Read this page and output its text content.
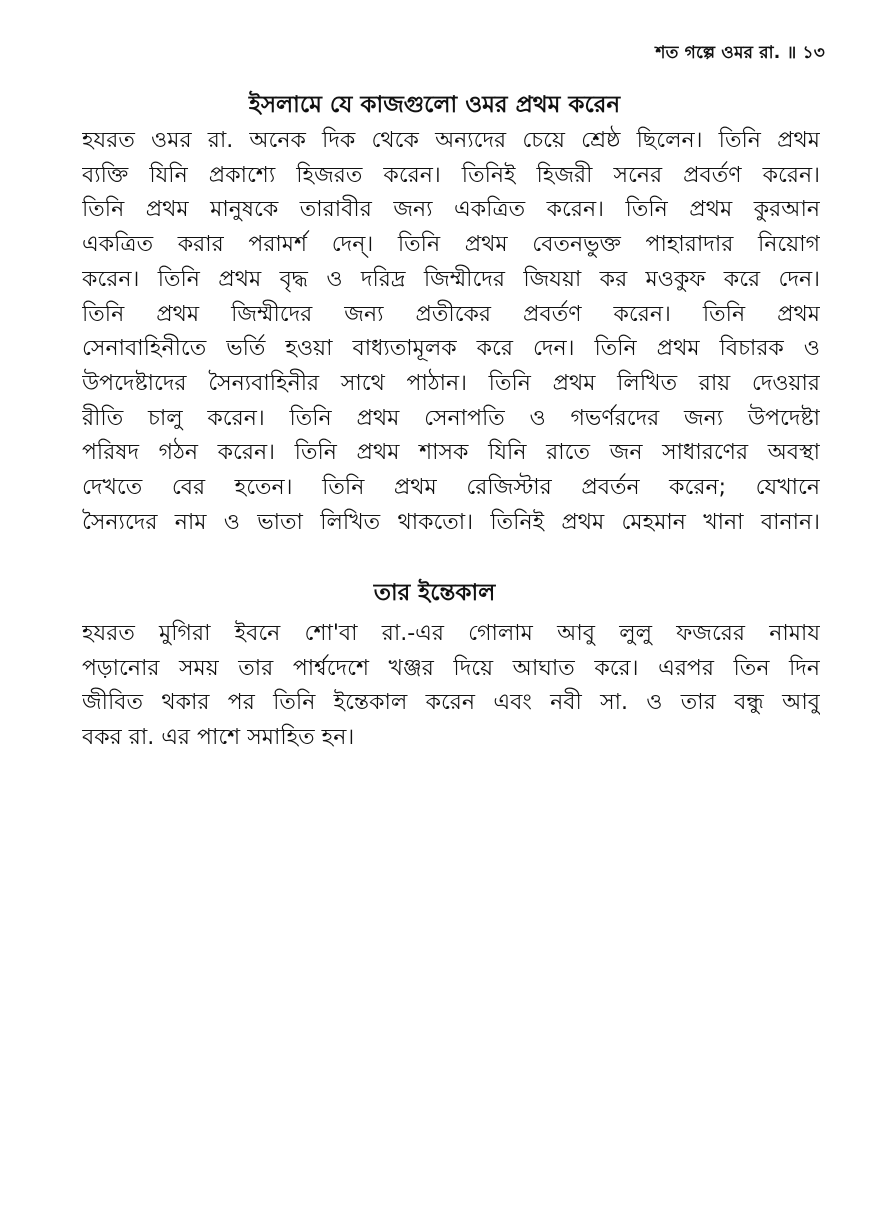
শত গল্পে ওমর রা. ॥ ১৩
ইসলামে যে কাজগুলো ওমর প্রথম করেন

হযরত ওমর রা. অনেক দিক থেকে অন্যদের চেয়ে শ্রেষ্ঠ ছিলেন। তিনি প্রথম
ব্যক্তি যিনি প্রকাশ্যে হিজরত করেন। তিনিই হিজরী সনের প্রবর্তণ করেন।
তিনি প্রথম মানুষকে তারাবীর জন্য একত্রিত করেন। তিনি প্রথম কুরআন
একত্রিত করার পরামর্শ দেন্। তিনি প্রথম বেতনভুক্ত পাহারাদার নিয়োগ
করেন। তিনি প্রথম বৃদ্ধ ও দরিদ্র জিম্মীদের জিযয়া কর মওকুফ করে দেন।
তিনি প্রথম জিম্মীদের জন্য প্রতীকের প্রবর্তণ করেন। তিনি প্রথম
সেনাবাহিনীতে ভর্তি হওয়া বাধ্যতামূলক করে দেন। তিনি প্রথম বিচারক ও
উপদেষ্টাদের সৈন্যবাহিনীর সাথে পাঠান। তিনি প্রথম লিখিত রায় দেওয়ার
রীতি চালু করেন। তিনি প্রথম সেনাপতি ও গভর্ণরদের জন্য উপদেষ্টা
পরিষদ গঠন করেন। তিনি প্রথম শাসক যিনি রাতে জন সাধারণের অবস্থা
দেখতে বের হতেন। তিনি প্রথম রেজিস্টার প্রবর্তন করেন; যেখানে
সৈন্যদের নাম ও ভাতা লিখিত থাকতো। তিনিই প্রথম মেহমান খানা বানান।

তার ইন্তেকাল

হযরত মুগিরা ইবনে শো'বা রা.-এর গোলাম আবু লুলু ফজরের নামায
পড়ানোর সময় তার পার্শ্বদেশে খঞ্জর দিয়ে আঘাত করে। এরপর তিন দিন
জীবিত থকার পর তিনি ইন্তেকাল করেন এবং নবী সা. ও তার বন্ধু আবু
বকর রা. এর পাশে সমাহিত হন।
